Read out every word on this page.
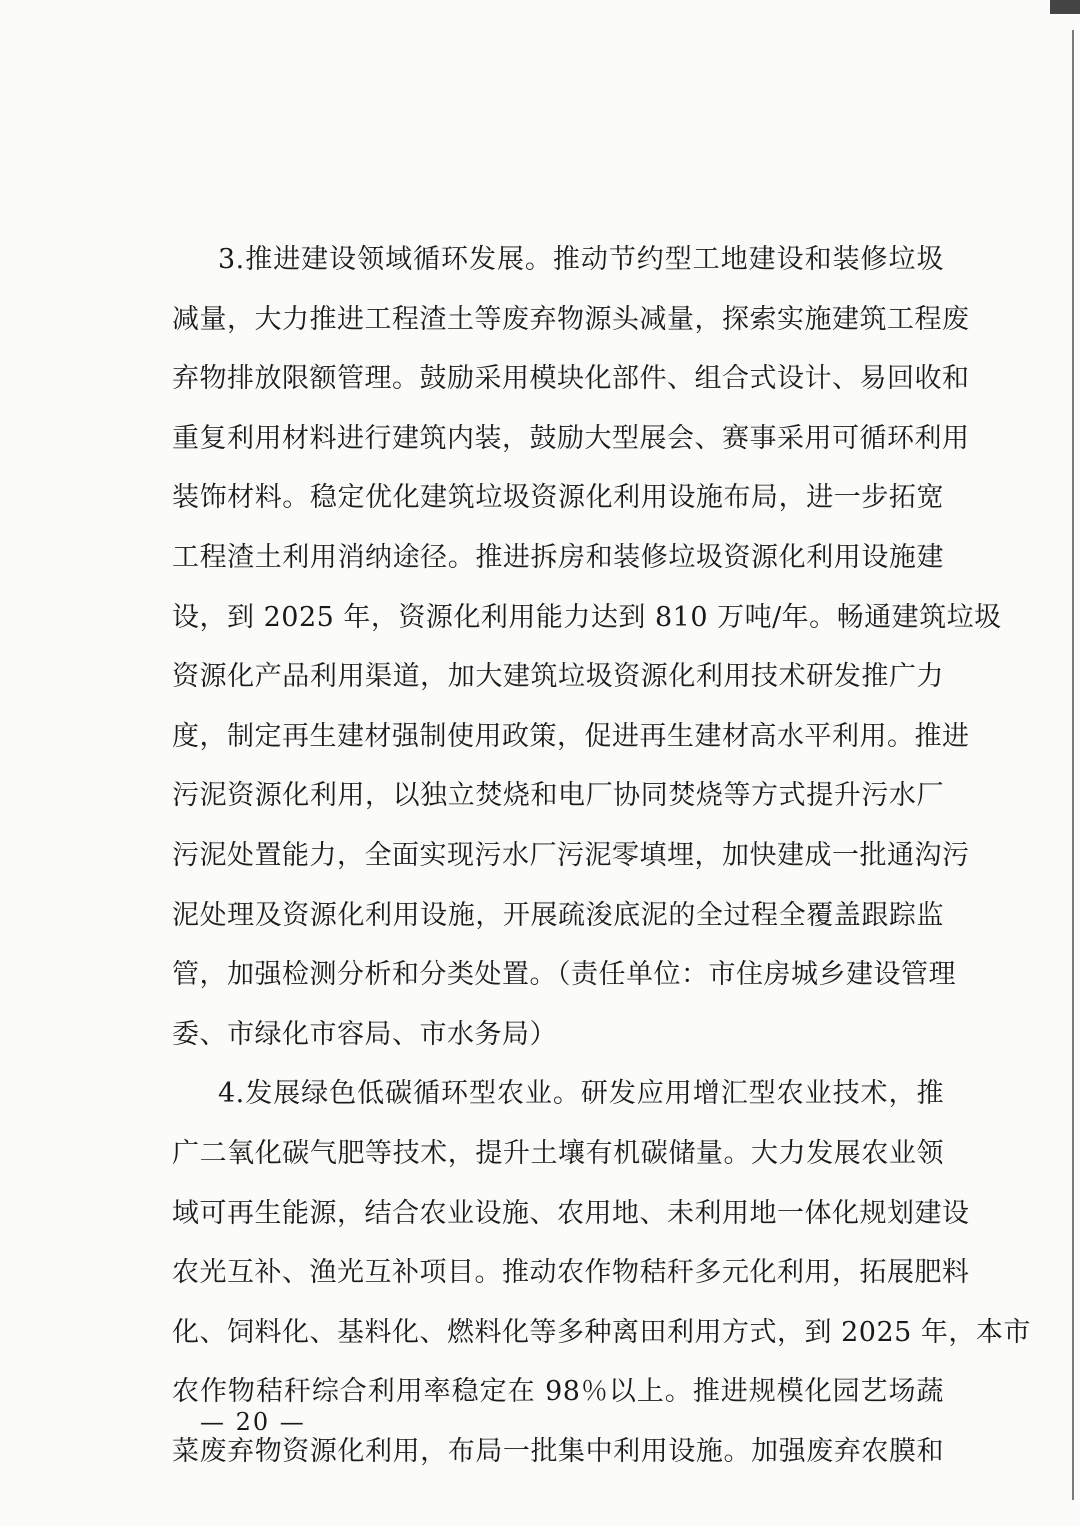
3.推进建设领域循环发展。推动节约型工地建设和装修垃圾
减量，大力推进工程渣土等废弃物源头减量，探索实施建筑工程废
弃物排放限额管理。鼓励采用模块化部件、组合式设计、易回收和
重复利用材料进行建筑内装，鼓励大型展会、赛事采用可循环利用
装饰材料。稳定优化建筑垃圾资源化利用设施布局，进一步拓宽
工程渣土利用消纳途径。推进拆房和装修垃圾资源化利用设施建
设，到 2025 年，资源化利用能力达到 810 万吨/年。畅通建筑垃圾
资源化产品利用渠道，加大建筑垃圾资源化利用技术研发推广力
度，制定再生建材强制使用政策，促进再生建材高水平利用。推进
污泥资源化利用，以独立焚烧和电厂协同焚烧等方式提升污水厂
污泥处置能力，全面实现污水厂污泥零填埋，加快建成一批通沟污
泥处理及资源化利用设施，开展疏浚底泥的全过程全覆盖跟踪监
管，加强检测分析和分类处置。（责任单位：市住房城乡建设管理
委、市绿化市容局、市水务局）
4.发展绿色低碳循环型农业。研发应用增汇型农业技术，推
广二氧化碳气肥等技术，提升土壤有机碳储量。大力发展农业领
域可再生能源，结合农业设施、农用地、未利用地一体化规划建设
农光互补、渔光互补项目。推动农作物秸秆多元化利用，拓展肥料
化、饲料化、基料化、燃料化等多种离田利用方式，到 2025 年，本市
农作物秸秆综合利用率稳定在 98％以上。推进规模化园艺场蔬
菜废弃物资源化利用，布局一批集中利用设施。加强废弃农膜和
— 20 —
